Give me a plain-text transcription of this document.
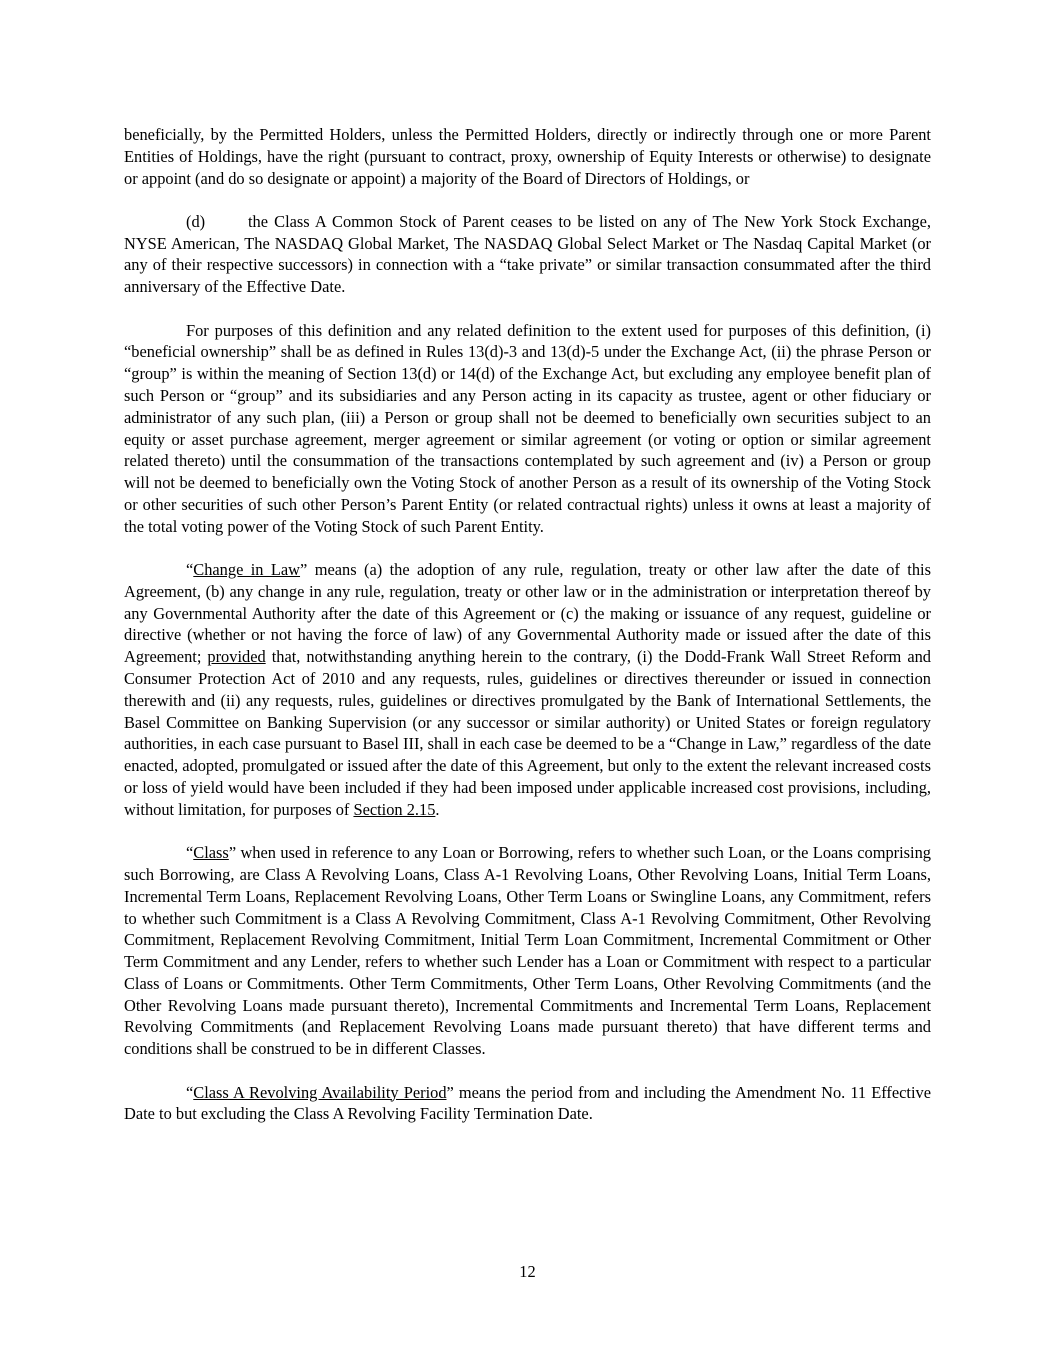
beneficially, by the Permitted Holders, unless the Permitted Holders, directly or indirectly through one or more Parent Entities of Holdings, have the right (pursuant to contract, proxy, ownership of Equity Interests or otherwise) to designate or appoint (and do so designate or appoint) a majority of the Board of Directors of Holdings, or

(d)	the Class A Common Stock of Parent ceases to be listed on any of The New York Stock Exchange, NYSE American, The NASDAQ Global Market, The NASDAQ Global Select Market or The Nasdaq Capital Market (or any of their respective successors) in connection with a “take private” or similar transaction consummated after the third anniversary of the Effective Date.

For purposes of this definition and any related definition to the extent used for purposes of this definition, (i) “beneficial ownership” shall be as defined in Rules 13(d)-3 and 13(d)-5 under the Exchange Act, (ii) the phrase Person or “group” is within the meaning of Section 13(d) or 14(d) of the Exchange Act, but excluding any employee benefit plan of such Person or “group” and its subsidiaries and any Person acting in its capacity as trustee, agent or other fiduciary or administrator of any such plan, (iii) a Person or group shall not be deemed to beneficially own securities subject to an equity or asset purchase agreement, merger agreement or similar agreement (or voting or option or similar agreement related thereto) until the consummation of the transactions contemplated by such agreement and (iv) a Person or group will not be deemed to beneficially own the Voting Stock of another Person as a result of its ownership of the Voting Stock or other securities of such other Person’s Parent Entity (or related contractual rights) unless it owns at least a majority of the total voting power of the Voting Stock of such Parent Entity.

“Change in Law” means (a) the adoption of any rule, regulation, treaty or other law after the date of this Agreement, (b) any change in any rule, regulation, treaty or other law or in the administration or interpretation thereof by any Governmental Authority after the date of this Agreement or (c) the making or issuance of any request, guideline or directive (whether or not having the force of law) of any Governmental Authority made or issued after the date of this Agreement; provided that, notwithstanding anything herein to the contrary, (i) the Dodd-Frank Wall Street Reform and Consumer Protection Act of 2010 and any requests, rules, guidelines or directives thereunder or issued in connection therewith and (ii) any requests, rules, guidelines or directives promulgated by the Bank of International Settlements, the Basel Committee on Banking Supervision (or any successor or similar authority) or United States or foreign regulatory authorities, in each case pursuant to Basel III, shall in each case be deemed to be a “Change in Law,” regardless of the date enacted, adopted, promulgated or issued after the date of this Agreement, but only to the extent the relevant increased costs or loss of yield would have been included if they had been imposed under applicable increased cost provisions, including, without limitation, for purposes of Section 2.15.

“Class” when used in reference to any Loan or Borrowing, refers to whether such Loan, or the Loans comprising such Borrowing, are Class A Revolving Loans, Class A-1 Revolving Loans, Other Revolving Loans, Initial Term Loans, Incremental Term Loans, Replacement Revolving Loans, Other Term Loans or Swingline Loans, any Commitment, refers to whether such Commitment is a Class A Revolving Commitment, Class A-1 Revolving Commitment, Other Revolving Commitment, Replacement Revolving Commitment, Initial Term Loan Commitment, Incremental Commitment or Other Term Commitment and any Lender, refers to whether such Lender has a Loan or Commitment with respect to a particular Class of Loans or Commitments. Other Term Commitments, Other Term Loans, Other Revolving Commitments (and the Other Revolving Loans made pursuant thereto), Incremental Commitments and Incremental Term Loans, Replacement Revolving Commitments (and Replacement Revolving Loans made pursuant thereto) that have different terms and conditions shall be construed to be in different Classes.

“Class A Revolving Availability Period” means the period from and including the Amendment No. 11 Effective Date to but excluding the Class A Revolving Facility Termination Date.

12
